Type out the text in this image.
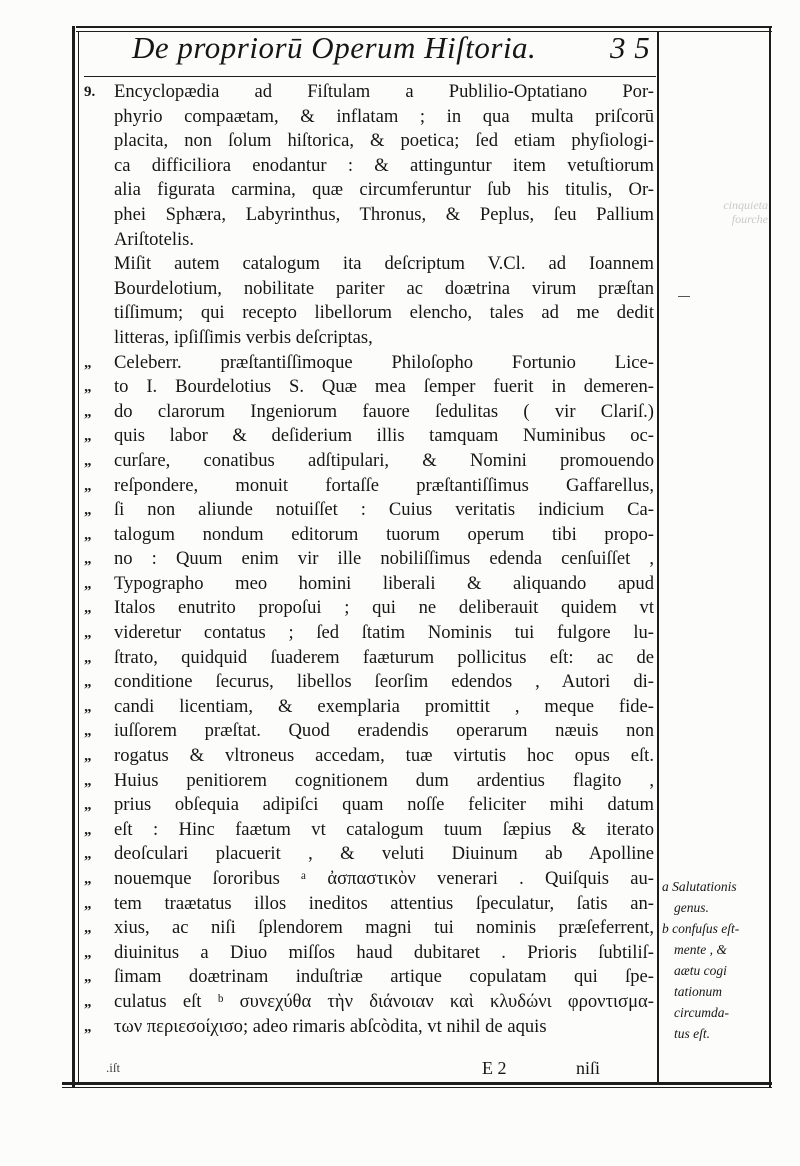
De propriorū Operum Hiſtoria. 3 5
cinquieta
fourche
9.	Encyclopædia ad Fiſtulam a Publilio-Optatiano Por-
phyrio compaætam, & inflatam ; in qua multa priſcorū
placita, non ſolum hiſtorica, & poetica; ſed etiam phyſiologi-
ca difficiliora enodantur : & attinguntur item vetuſtiorum
alia figurata carmina, quæ circumferuntur ſub his titulis, Or-
phei Sphæra, Labyrinthus, Thronus, & Peplus, ſeu Pallium
Ariſtotelis.
Miſit autem catalogum ita deſcriptum V.Cl. ad Ioannem
Bourdelotium, nobilitate pariter ac doætrina virum præſtan
tiſſimum; qui recepto libellorum elencho, tales ad me dedit
litteras, ipſiſſimis verbis deſcriptas,
„	Celeberr. præſtantiſſimoque Philoſopho Fortunio Lice-
„	to I. Bourdelotius S. Quæ mea ſemper fuerit in demeren-
„	do clarorum Ingeniorum fauore ſedulitas ( vir Clariſ.)
„	quis labor & deſiderium illis tamquam Numinibus oc-
„	curſare, conatibus adſtipulari, & Nomini promouendo
„	reſpondere, monuit fortaſſe præſtantiſſimus Gaffarellus,
„	ſi non aliunde notuiſſet : Cuius veritatis indicium Ca-
„	talogum nondum editorum tuorum operum tibi propo-
„	no : Quum enim vir ille nobiliſſimus edenda cenſuiſſet ,
„	Typographo meo homini liberali & aliquando apud
„	Italos enutrito propoſui ; qui ne deliberauit quidem vt
„	videretur contatus ; ſed ſtatim Nominis tui fulgore lu-
„	ſtrato, quidquid ſuaderem faæturum pollicitus eſt: ac de
„	conditione ſecurus, libellos ſeorſim edendos , Autori di-
„	candi licentiam, & exemplaria promittit , meque fide-
„	iuſſorem præſtat. Quod eradendis operarum næuis non
„	rogatus & vltroneus accedam, tuæ virtutis hoc opus eſt.
„	Huius penitiorem cognitionem dum ardentius flagito ,
„	prius obſequia adipiſci quam noſſe feliciter mihi datum
„	eſt : Hinc faætum vt catalogum tuum ſæpius & iterato
„	deoſculari placuerit , & veluti Diuinum ab Apolline
„	nouemque ſororibus ᵃ ἀσπαστικὸν venerari . Quiſquis au-
„	tem traætatus illos ineditos attentius ſpeculatur, ſatis an-
„	xius, ac niſi ſplendorem magni tui nominis præſeferrent,
„	diuinitus a Diuo miſſos haud dubitaret . Prioris ſubtiliſ-
„	ſimam doætrinam induſtriæ artique copulatam qui ſpe-
„	culatus eſt ᵇ συνεχύθα τὴν διάνοιαν καὶ κλυδώνι φροντισμα-
„	των περιεσοίχισο; adeo rimaris abſcòdita, vt nihil de aquis
.iſt	E 2	niſi
a Salutationis
genus.
b confuſus eſt-
mente , &
aætu cogi
tationum
circumda-
tus eſt.
